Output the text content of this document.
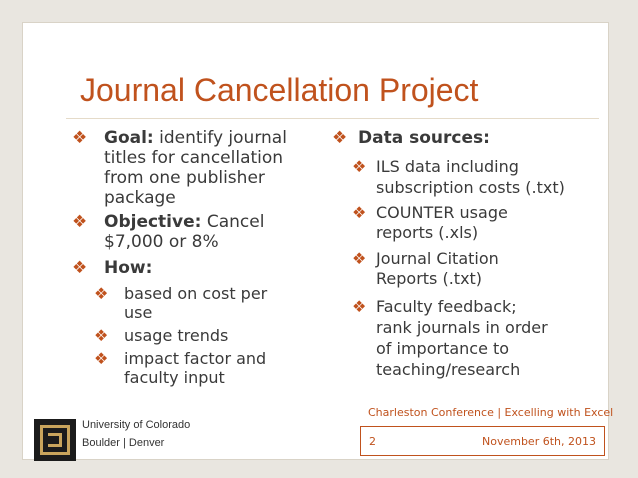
Journal Cancellation Project
❖ Goal: identify journal
titles for cancellation
from one publisher
package
❖ Objective: Cancel
$7,000 or 8%
❖ How:
❖ based on cost per
use
❖ usage trends
❖ impact factor and
faculty input
❖ Data sources:
❖ ILS data including
subscription costs (.txt)
❖ COUNTER usage
reports (.xls)
❖ Journal Citation
Reports (.txt)
❖ Faculty feedback;
rank journals in order
of importance to
teaching/research
Charleston Conference | Excelling with Excel
2	November 6th, 2013
University of Colorado
Boulder | Denver
